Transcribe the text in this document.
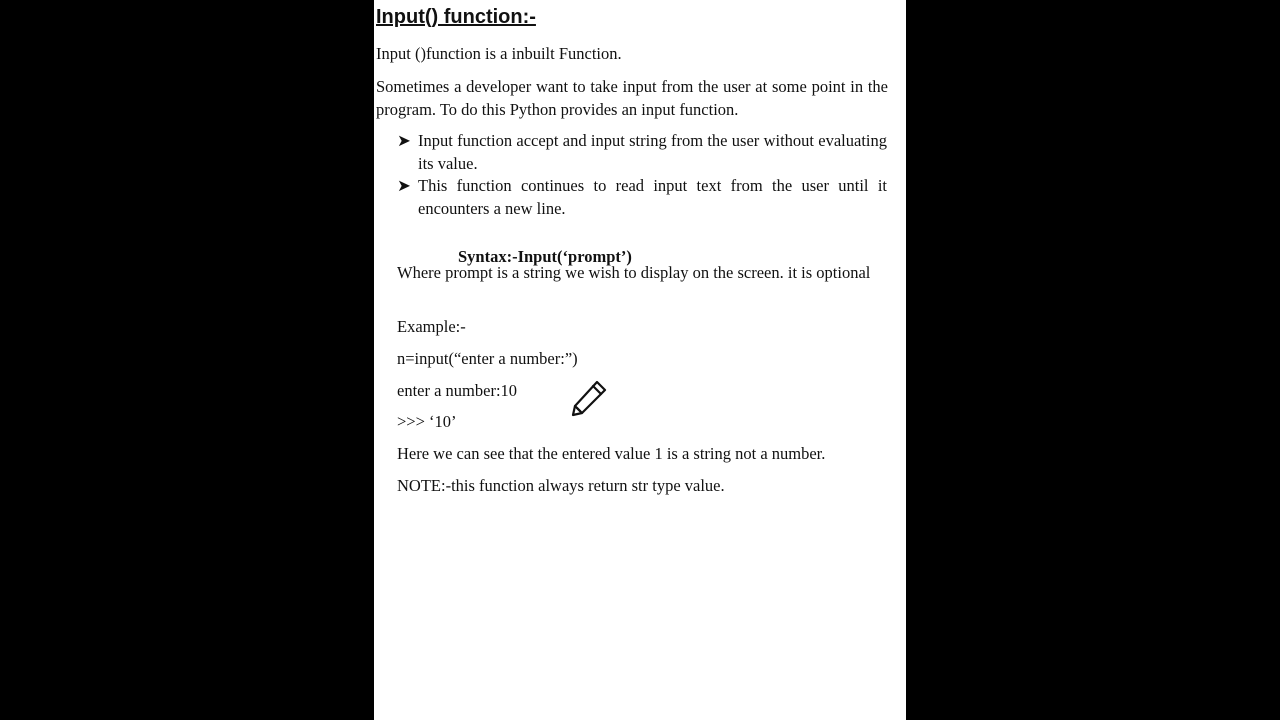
Input() function:-

Input ()function is a inbuilt Function.

Sometimes a developer want to take input from the user at some point in the program. To do this Python provides an input function.

➤ Input function accept and input string from the user without evaluating its value.
➤ This function continues to read input text from the user until it encounters a new line.

Syntax:-Input(‘prompt’)

Where prompt is a string we wish to display on the screen. it is optional

Example:-

n=input(“enter a number:”)

enter a number:10

>>> ‘10’

Here we can see that the entered value 1 is a string not a number.

NOTE:-this function always return str type value.
